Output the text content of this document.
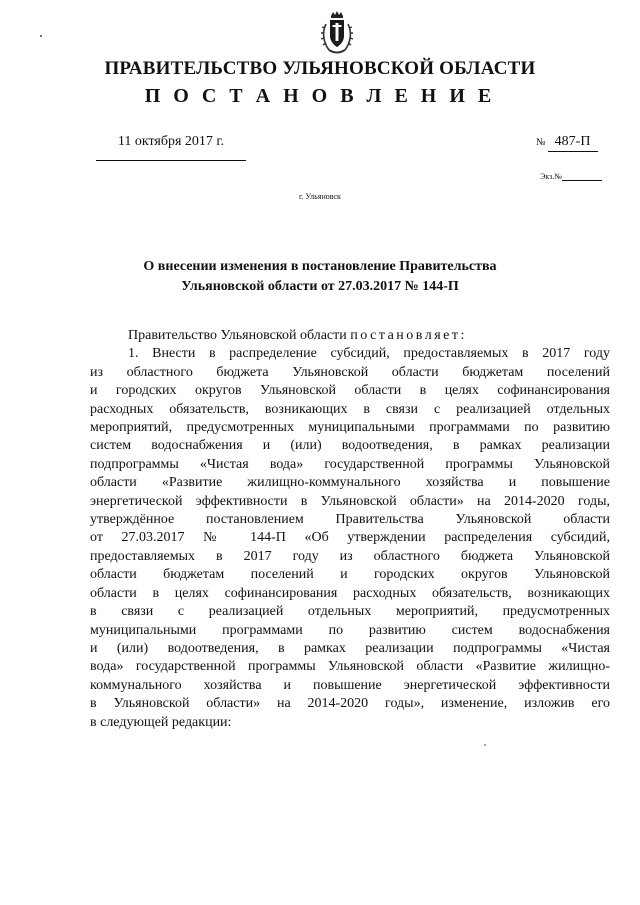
ПРАВИТЕЛЬСТВО УЛЬЯНОВСКОЙ ОБЛАСТИ
П О С Т А Н О В Л Е Н И Е
11 октября 2017 г.	№ 487-П
Экз.№
г. Ульяновск
О внесении изменения в постановление Правительства
Ульяновской области от 27.03.2017 № 144-П

Правительство Ульяновской области постановляет:

1. Внести в распределение субсидий, предоставляемых в 2017 году

из областного бюджета Ульяновской области бюджетам поселений

и городских округов Ульяновской области в целях софинансирования

расходных обязательств, возникающих в связи с реализацией отдельных

мероприятий, предусмотренных муниципальными программами по развитию

систем водоснабжения и (или) водоотведения, в рамках реализации

подпрограммы «Чистая вода» государственной программы Ульяновской

области «Развитие жилищно-коммунального хозяйства и повышение

энергетической эффективности в Ульяновской области» на 2014-2020 годы,

утверждённое постановлением Правительства Ульяновской области

от 27.03.2017 № 144-П «Об утверждении распределения субсидий,

предоставляемых в 2017 году из областного бюджета Ульяновской

области бюджетам поселений и городских округов Ульяновской

области в целях софинансирования расходных обязательств, возникающих

в связи с реализацией отдельных мероприятий, предусмотренных

муниципальными программами по развитию систем водоснабжения

и (или) водоотведения, в рамках реализации подпрограммы «Чистая

вода» государственной программы Ульяновской области «Развитие жилищно-

коммунального хозяйства и повышение энергетической эффективности

в Ульяновской области» на 2014-2020 годы», изменение, изложив его

в следующей редакции:
